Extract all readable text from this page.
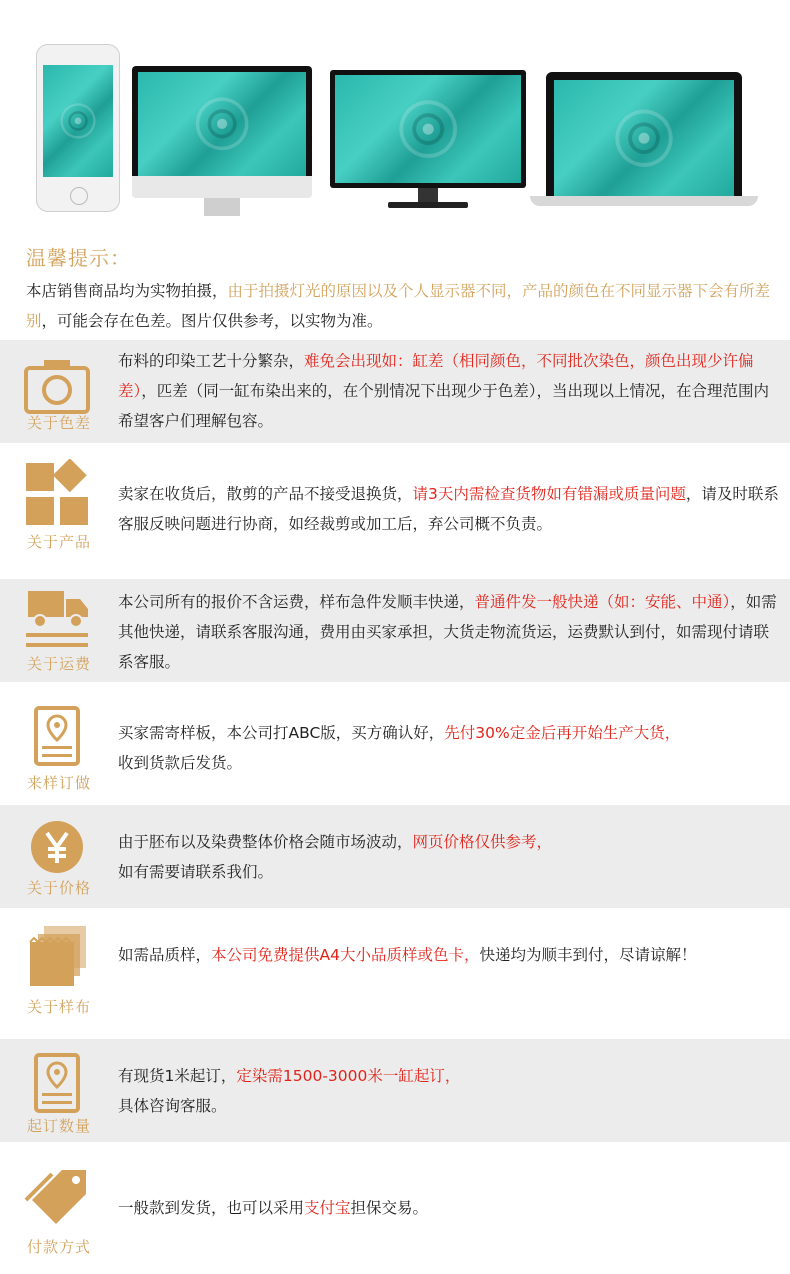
温馨提示：
本店销售商品均为实物拍摄，由于拍摄灯光的原因以及个人显示器不同，产品的颜色在不同显示器下会有所差别，可能会存在色差。图片仅供参考，以实物为准。
关于色差
布料的印染工艺十分繁杂，难免会出现如：缸差（相同颜色，不同批次染色，颜色出现少许偏差），匹差（同一缸布染出来的，在个别情况下出现少于色差），当出现以上情况，在合理范围内希望客户们理解包容。
关于产品
卖家在收货后，散剪的产品不接受退换货，请3天内需检查货物如有错漏或质量问题，请及时联系客服反映问题进行协商，如经裁剪或加工后，弃公司概不负责。
关于运费
本公司所有的报价不含运费，样布急件发顺丰快递，普通件发一般快递（如：安能、中通），如需其他快递，请联系客服沟通，费用由买家承担，大货走物流货运，运费默认到付，如需现付请联系客服。
来样订做
买家需寄样板，本公司打ABC版，买方确认好，先付30%定金后再开始生产大货，
收到货款后发货。
关于价格
由于胚布以及染费整体价格会随市场波动，网页价格仅供参考，
如有需要请联系我们。
关于样布
如需品质样，本公司免费提供A4大小品质样或色卡，快递均为顺丰到付，尽请谅解！
起订数量
有现货1米起订，定染需1500-3000米一缸起订，
具体咨询客服。
付款方式
一般款到发货，也可以采用支付宝担保交易。
